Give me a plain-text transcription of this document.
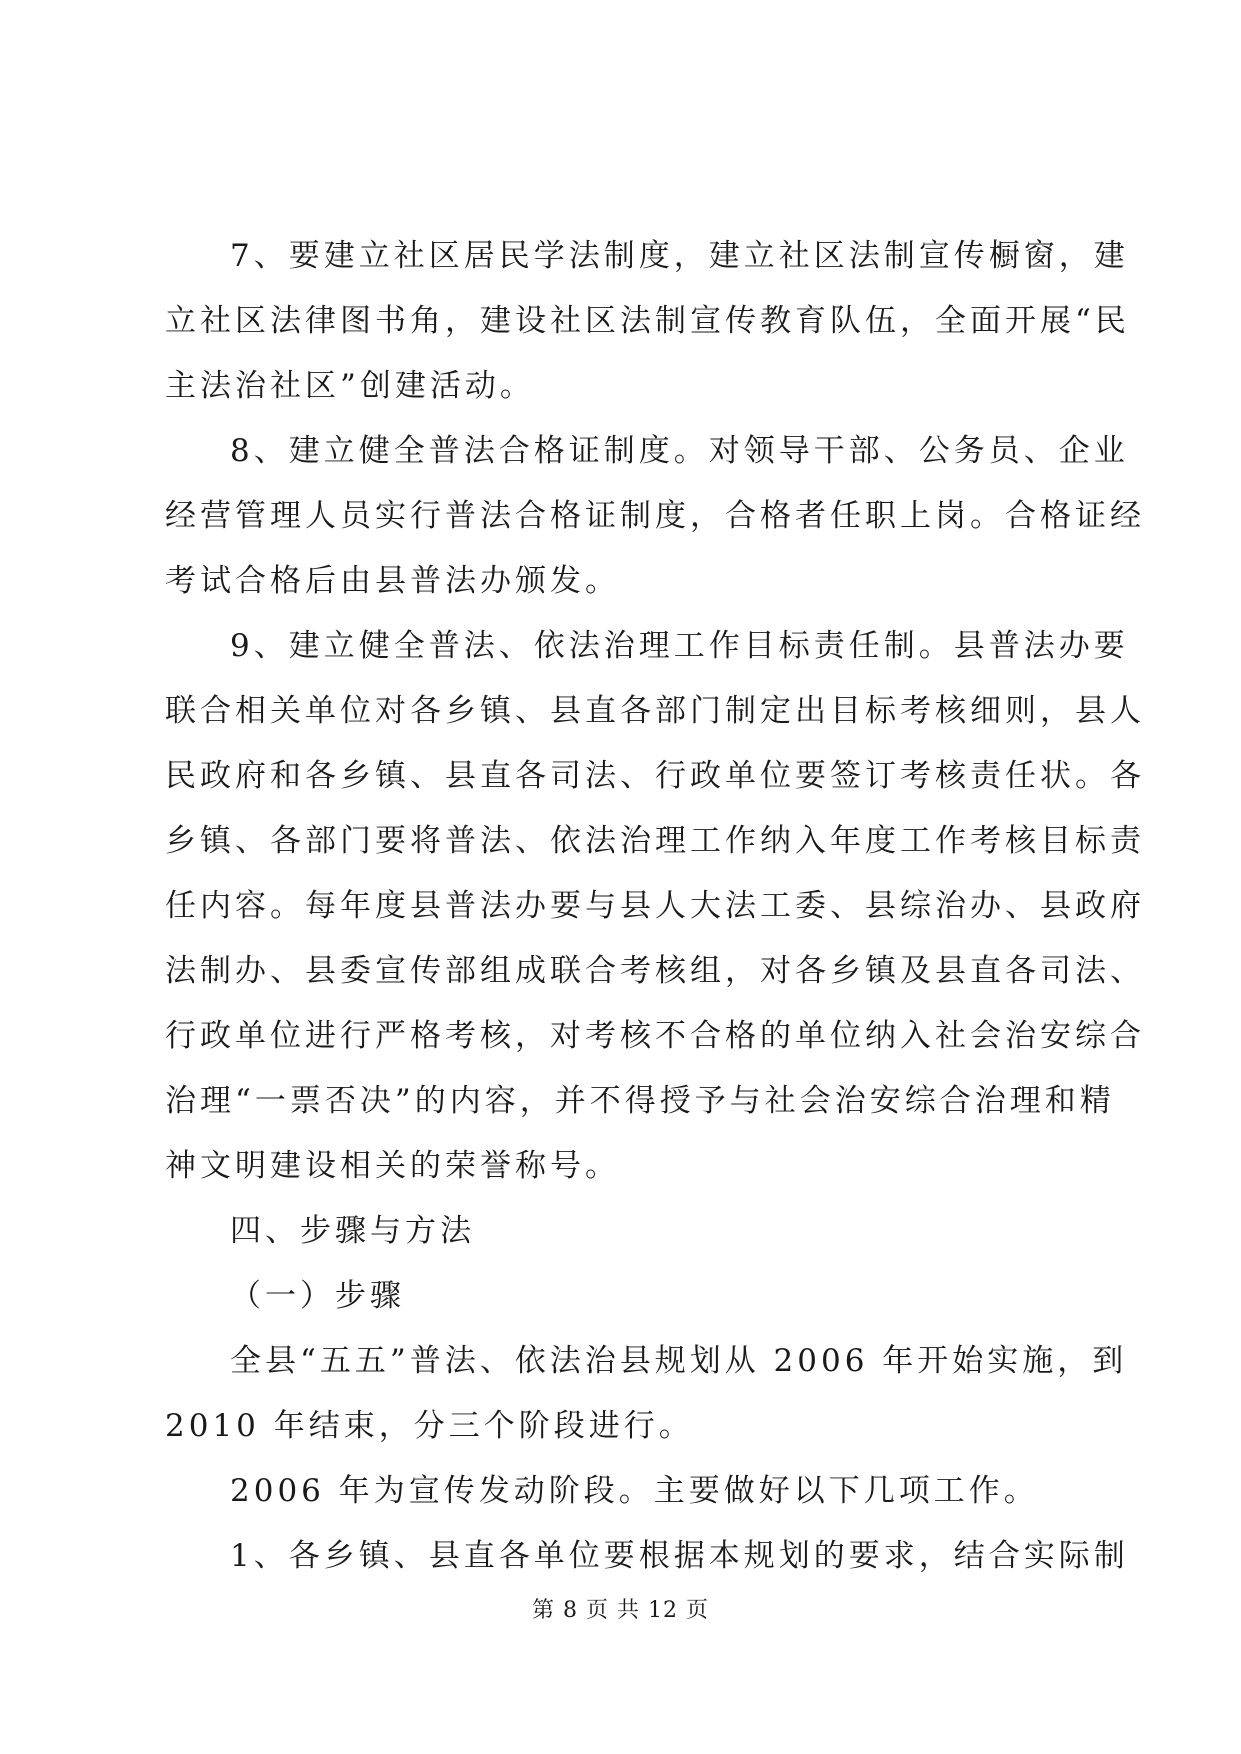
7、要建立社区居民学法制度，建立社区法制宣传橱窗，建
立社区法律图书角，建设社区法制宣传教育队伍，全面开展“民
主法治社区”创建活动。
8、建立健全普法合格证制度。对领导干部、公务员、企业
经营管理人员实行普法合格证制度，合格者任职上岗。合格证经
考试合格后由县普法办颁发。
9、建立健全普法、依法治理工作目标责任制。县普法办要
联合相关单位对各乡镇、县直各部门制定出目标考核细则，县人
民政府和各乡镇、县直各司法、行政单位要签订考核责任状。各
乡镇、各部门要将普法、依法治理工作纳入年度工作考核目标责
任内容。每年度县普法办要与县人大法工委、县综治办、县政府
法制办、县委宣传部组成联合考核组，对各乡镇及县直各司法、
行政单位进行严格考核，对考核不合格的单位纳入社会治安综合
治理“一票否决”的内容，并不得授予与社会治安综合治理和精
神文明建设相关的荣誉称号。
四、步骤与方法
（一）步骤
全县“五五”普法、依法治县规划从 2006 年开始实施，到
2010 年结束，分三个阶段进行。
2006 年为宣传发动阶段。主要做好以下几项工作。
1、各乡镇、县直各单位要根据本规划的要求，结合实际制
第 8 页 共 12 页
